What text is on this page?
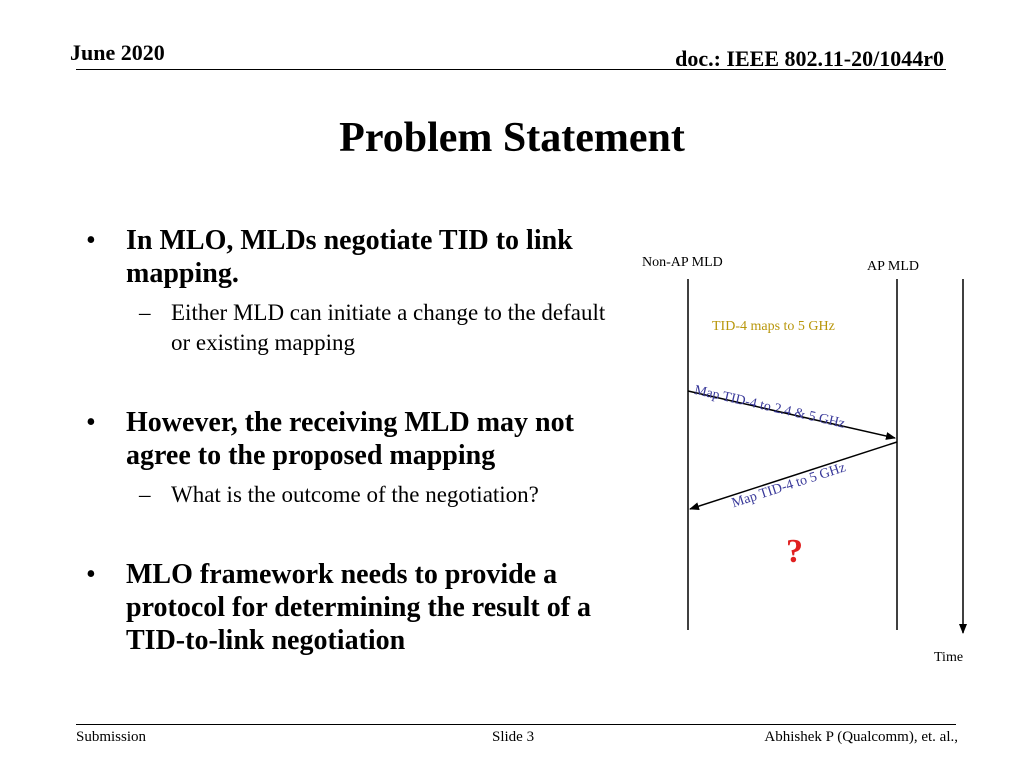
June 2020	doc.: IEEE 802.11-20/1044r0
Problem Statement
• In MLO, MLDs negotiate TID to link mapping.
– Either MLD can initiate a change to the default or existing mapping
• However, the receiving MLD may not agree to the proposed mapping
– What is the outcome of the negotiation?
• MLO framework needs to provide a protocol for determining the result of a TID-to-link negotiation
Non-AP MLD	AP MLD
TID-4 maps to 5 GHz
Map TID-4 to 2.4 & 5 GHz
Map TID-4 to 5 GHz
?
Time
Submission	Slide 3	Abhishek P (Qualcomm), et. al.,
